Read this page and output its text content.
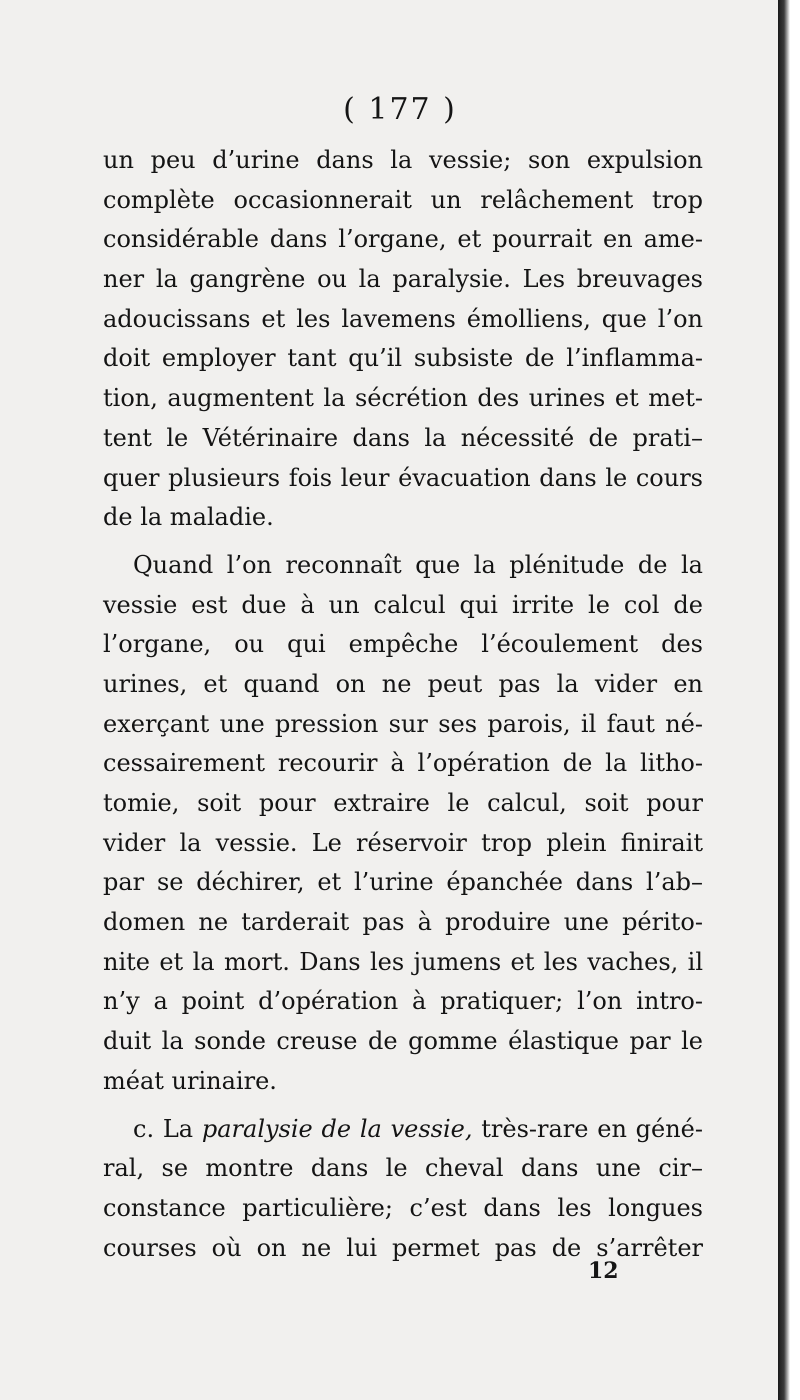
( 177 )
un peu d’urine dans la vessie; son expulsion
complète occasionnerait un relâchement trop
considérable dans l’organe, et pourrait en ame-
ner la gangrène ou la paralysie. Les breuvages
adoucissans et les lavemens émolliens, que l’on
doit employer tant qu’il subsiste de l’inflamma-
tion, augmentent la sécrétion des urines et met-
tent le Vétérinaire dans la nécessité de prati–
quer plusieurs fois leur évacuation dans le cours
de la maladie.
Quand l’on reconnaît que la plénitude de la
vessie est due à un calcul qui irrite le col de
l’organe, ou qui empêche l’écoulement des
urines, et quand on ne peut pas la vider en
exerçant une pression sur ses parois, il faut né-
cessairement recourir à l’opération de la litho-
tomie, soit pour extraire le calcul, soit pour
vider la vessie. Le réservoir trop plein finirait
par se déchirer, et l’urine épanchée dans l’ab–
domen ne tarderait pas à produire une périto-
nite et la mort. Dans les jumens et les vaches, il
n’y a point d’opération à pratiquer; l’on intro-
duit la sonde creuse de gomme élastique par le
méat urinaire.
c. La paralysie de la vessie, très-rare en géné-
ral, se montre dans le cheval dans une cir–
constance particulière; c’est dans les longues
courses où on ne lui permet pas de s’arrêter
12
